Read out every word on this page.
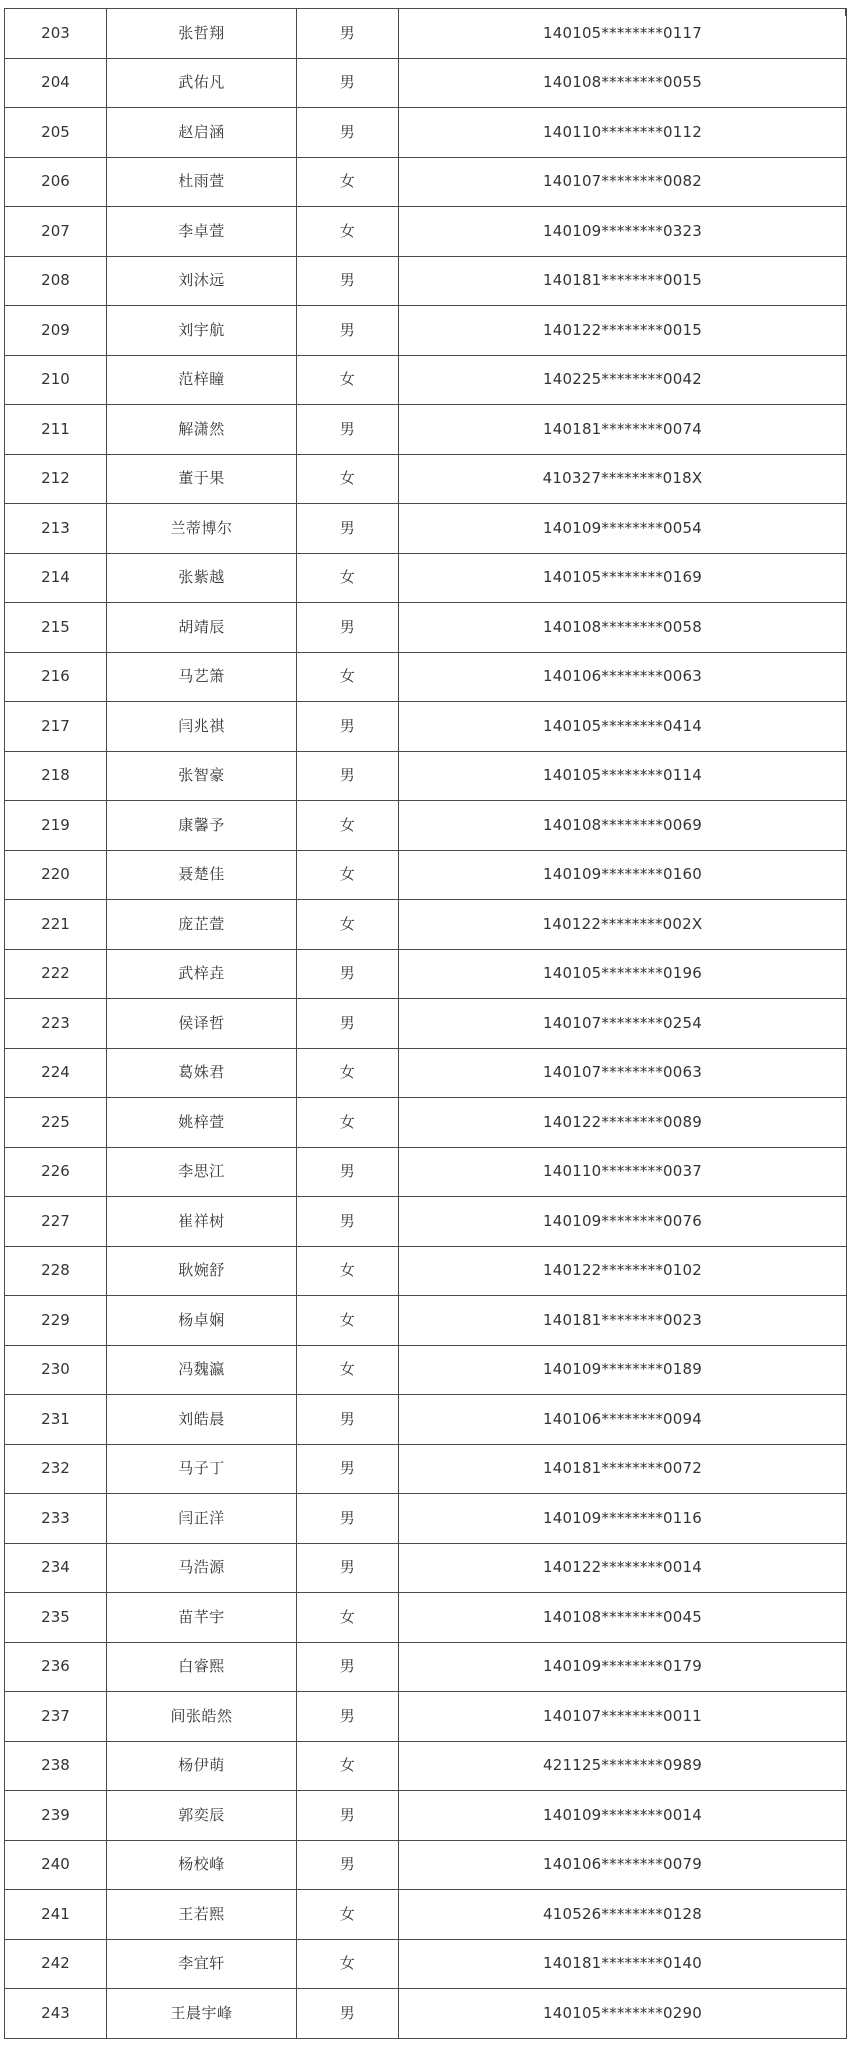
203	张哲翔	男	140105********0117
204	武佑凡	男	140108********0055
205	赵启涵	男	140110********0112
206	杜雨萱	女	140107********0082
207	李卓萱	女	140109********0323
208	刘沐远	男	140181********0015
209	刘宇航	男	140122********0015
210	范梓瞳	女	140225********0042
211	解潇然	男	140181********0074
212	董于果	女	410327********018X
213	兰蒂博尔	男	140109********0054
214	张紫越	女	140105********0169
215	胡靖辰	男	140108********0058
216	马艺箫	女	140106********0063
217	闫兆祺	男	140105********0414
218	张智豪	男	140105********0114
219	康馨予	女	140108********0069
220	聂楚佳	女	140109********0160
221	庞芷萱	女	140122********002X
222	武梓垚	男	140105********0196
223	侯译哲	男	140107********0254
224	葛姝君	女	140107********0063
225	姚梓萱	女	140122********0089
226	李思江	男	140110********0037
227	崔祥树	男	140109********0076
228	耿婉舒	女	140122********0102
229	杨卓娴	女	140181********0023
230	冯魏瀛	女	140109********0189
231	刘皓晨	男	140106********0094
232	马子丁	男	140181********0072
233	闫正洋	男	140109********0116
234	马浩源	男	140122********0014
235	苗芊宇	女	140108********0045
236	白睿熙	男	140109********0179
237	间张皓然	男	140107********0011
238	杨伊萌	女	421125********0989
239	郭奕辰	男	140109********0014
240	杨校峰	男	140106********0079
241	王若熙	女	410526********0128
242	李宜轩	女	140181********0140
243	王晨宇峰	男	140105********0290
